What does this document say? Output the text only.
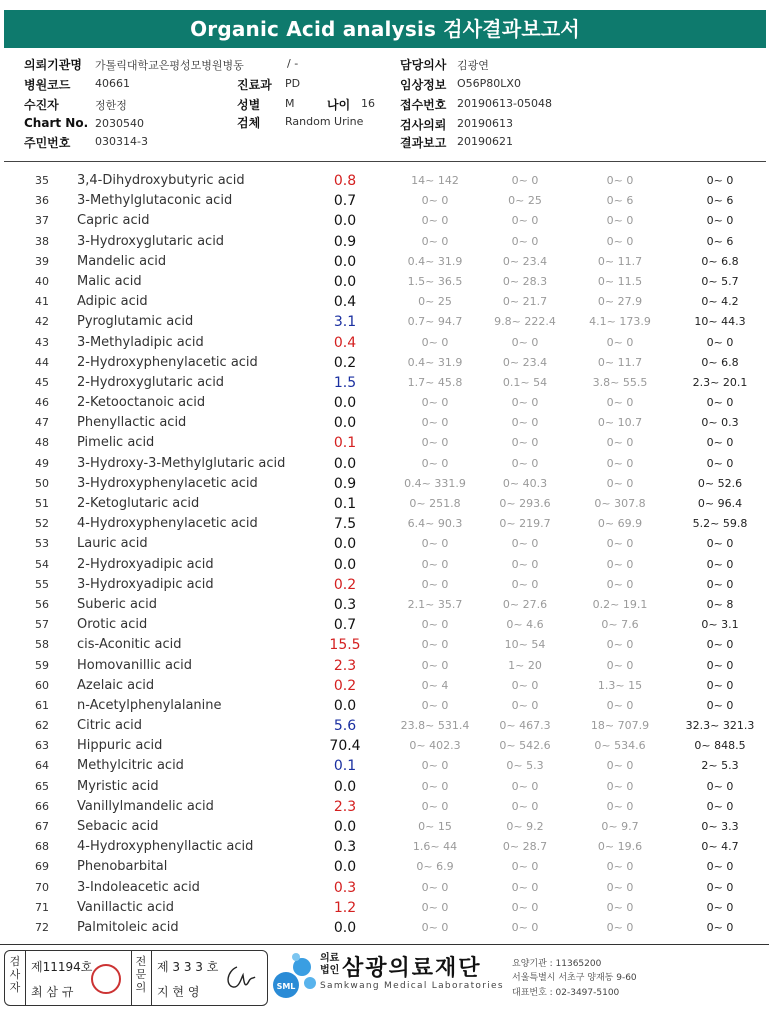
Organic Acid analysis 검사결과보고서
의뢰기관명 가톨릭대학교은평성모병원병동	/ -
병원코드 40661	진료과 PD
수진자	정한정	성별 M	나이 16
Chart No. 2030540	검체 Random Urine
주민번호 030314-3
담당의사 김광연
임상정보 O56P80LX0
접수번호 20190613-05048
검사의뢰 20190613
결과보고 20190621
35	3,4-Dihydroxybutyric acid	0.8	14~ 142	0~ 0	0~ 0	0~ 0
36	3-Methylglutaconic acid	0.7	0~ 0	0~ 25	0~ 6	0~ 6
37	Capric acid	0.0	0~ 0	0~ 0	0~ 0	0~ 0
38	3-Hydroxyglutaric acid	0.9	0~ 0	0~ 0	0~ 0	0~ 6
39	Mandelic acid	0.0	0.4~ 31.9	0~ 23.4	0~ 11.7	0~ 6.8
40	Malic acid	0.0	1.5~ 36.5	0~ 28.3	0~ 11.5	0~ 5.7
41	Adipic acid	0.4	0~ 25	0~ 21.7	0~ 27.9	0~ 4.2
42	Pyroglutamic acid	3.1	0.7~ 94.7	9.8~ 222.4	4.1~ 173.9	10~ 44.3
43	3-Methyladipic acid	0.4	0~ 0	0~ 0	0~ 0	0~ 0
44	2-Hydroxyphenylacetic acid	0.2	0.4~ 31.9	0~ 23.4	0~ 11.7	0~ 6.8
45	2-Hydroxyglutaric acid	1.5	1.7~ 45.8	0.1~ 54	3.8~ 55.5	2.3~ 20.1
46	2-Ketooctanoic acid	0.0	0~ 0	0~ 0	0~ 0	0~ 0
47	Phenyllactic acid	0.0	0~ 0	0~ 0	0~ 10.7	0~ 0.3
48	Pimelic acid	0.1	0~ 0	0~ 0	0~ 0	0~ 0
49	3-Hydroxy-3-Methylglutaric acid	0.0	0~ 0	0~ 0	0~ 0	0~ 0
50	3-Hydroxyphenylacetic acid	0.9	0.4~ 331.9	0~ 40.3	0~ 0	0~ 52.6
51	2-Ketoglutaric acid	0.1	0~ 251.8	0~ 293.6	0~ 307.8	0~ 96.4
52	4-Hydroxyphenylacetic acid	7.5	6.4~ 90.3	0~ 219.7	0~ 69.9	5.2~ 59.8
53	Lauric acid	0.0	0~ 0	0~ 0	0~ 0	0~ 0
54	2-Hydroxyadipic acid	0.0	0~ 0	0~ 0	0~ 0	0~ 0
55	3-Hydroxyadipic acid	0.2	0~ 0	0~ 0	0~ 0	0~ 0
56	Suberic acid	0.3	2.1~ 35.7	0~ 27.6	0.2~ 19.1	0~ 8
57	Orotic acid	0.7	0~ 0	0~ 4.6	0~ 7.6	0~ 3.1
58	cis-Aconitic acid	15.5	0~ 0	10~ 54	0~ 0	0~ 0
59	Homovanillic acid	2.3	0~ 0	1~ 20	0~ 0	0~ 0
60	Azelaic acid	0.2	0~ 4	0~ 0	1.3~ 15	0~ 0
61	n-Acetylphenylalanine	0.0	0~ 0	0~ 0	0~ 0	0~ 0
62	Citric acid	5.6	23.8~ 531.4	0~ 467.3	18~ 707.9	32.3~ 321.3
63	Hippuric acid	70.4	0~ 402.3	0~ 542.6	0~ 534.6	0~ 848.5
64	Methylcitric acid	0.1	0~ 0	0~ 5.3	0~ 0	2~ 5.3
65	Myristic acid	0.0	0~ 0	0~ 0	0~ 0	0~ 0
66	Vanillylmandelic acid	2.3	0~ 0	0~ 0	0~ 0	0~ 0
67	Sebacic acid	0.0	0~ 15	0~ 9.2	0~ 9.7	0~ 3.3
68	4-Hydroxyphenyllactic acid	0.3	1.6~ 44	0~ 28.7	0~ 19.6	0~ 4.7
69	Phenobarbital	0.0	0~ 6.9	0~ 0	0~ 0	0~ 0
70	3-Indoleacetic acid	0.3	0~ 0	0~ 0	0~ 0	0~ 0
71	Vanillactic acid	1.2	0~ 0	0~ 0	0~ 0	0~ 0
72	Palmitoleic acid	0.0	0~ 0	0~ 0	0~ 0	0~ 0
검사자
제11194호
최 삼 규
전문의
제 3 3 3 호
지 현 영	SML
의료법인 삼광의료재단
Samkwang Medical Laboratories
요양기관 : 11365200
서울특별시 서초구 양재동 9-60
대표번호 : 02-3497-5100
